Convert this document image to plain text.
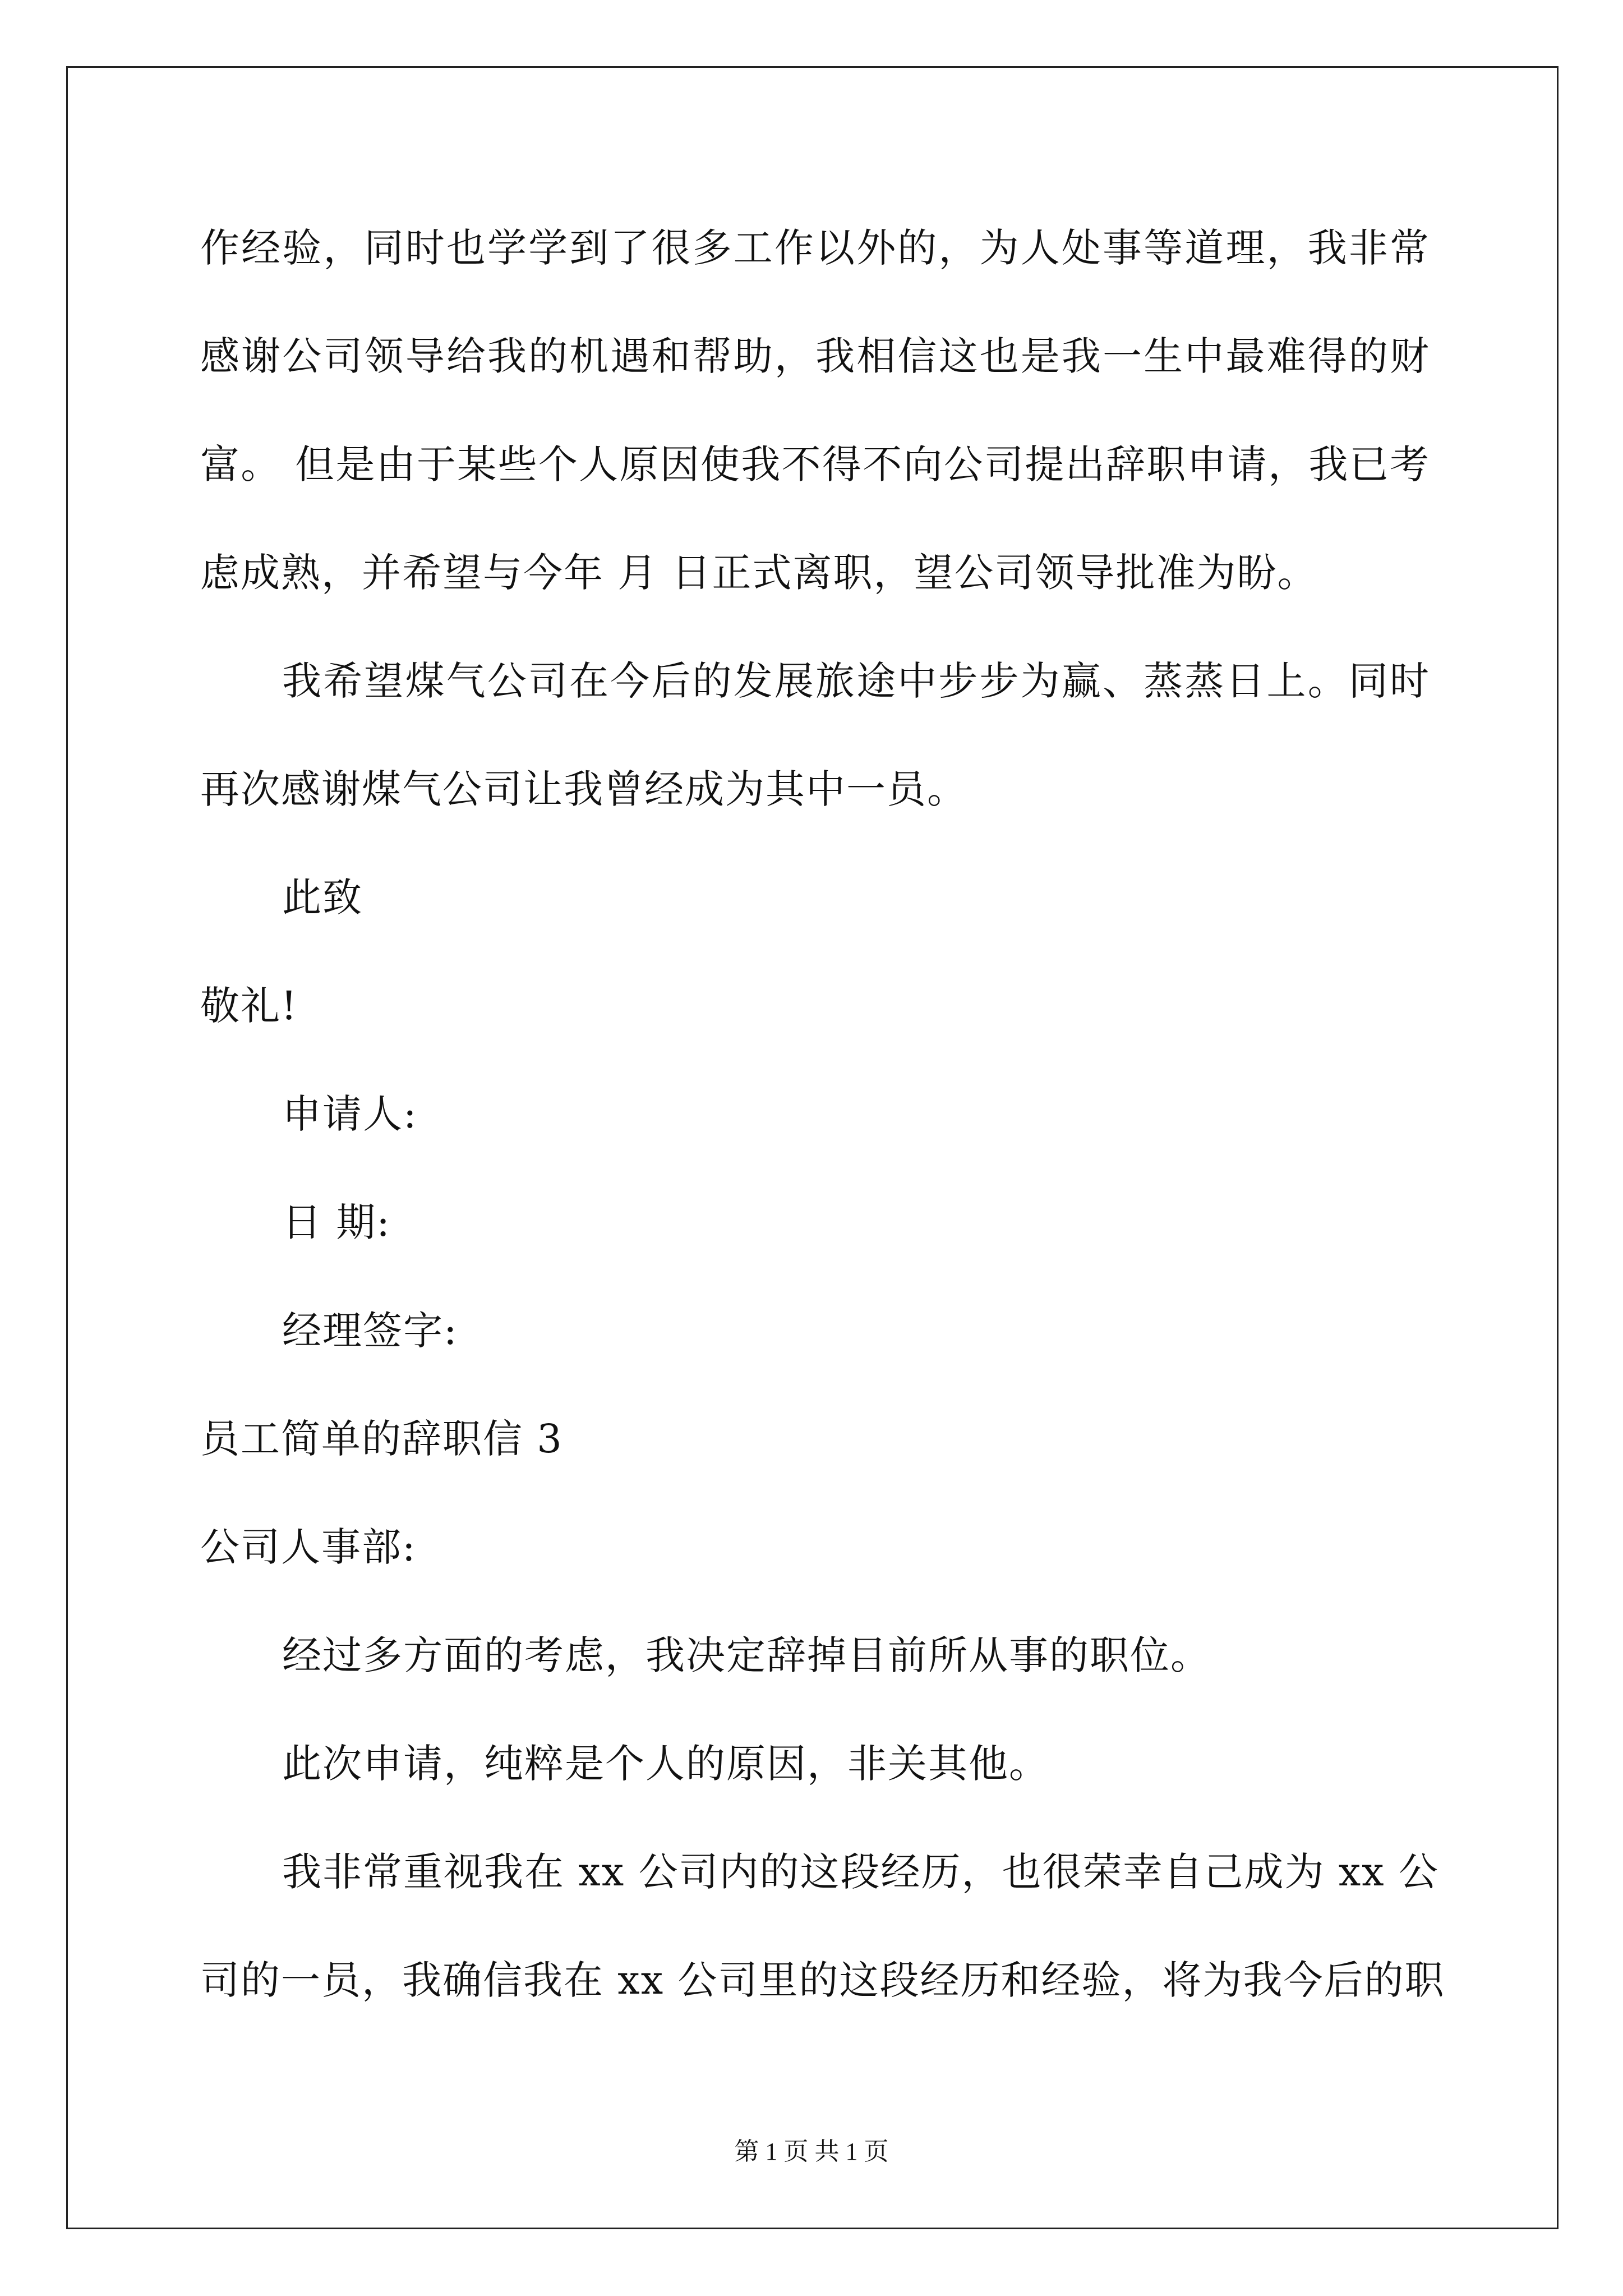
作经验，同时也学学到了很多工作以外的，为人处事等道理，我非常
感谢公司领导给我的机遇和帮助，我相信这也是我一生中最难得的财
富。 但是由于某些个人原因使我不得不向公司提出辞职申请，我已考
虑成熟，并希望与今年 月 日正式离职，望公司领导批准为盼。
我希望煤气公司在今后的发展旅途中步步为赢、蒸蒸日上。同时
再次感谢煤气公司让我曾经成为其中一员。
此致
敬礼!
申请人:
日 期:
经理签字:
员工简单的辞职信 3
公司人事部:
经过多方面的考虑，我决定辞掉目前所从事的职位。
此次申请，纯粹是个人的原因，非关其他。
我非常重视我在 xx 公司内的这段经历，也很荣幸自己成为 xx 公
司的一员，我确信我在 xx 公司里的这段经历和经验，将为我今后的职
第 1 页 共 1 页
